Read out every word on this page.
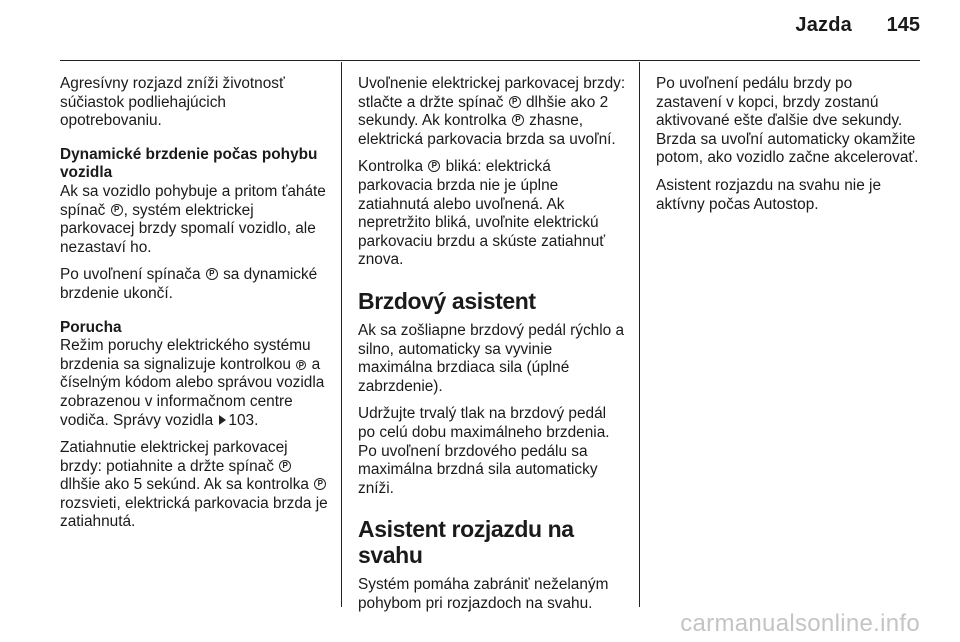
Jazda	145

Agresívny rozjazd zníži životnosť súčiastok podliehajúcich opotrebovaniu.

Dynamické brzdenie počas pohybu vozidla

Ak sa vozidlo pohybuje a pritom ťaháte spínač P , systém elektrickej parkovacej brzdy spomalí vozidlo, ale nezastaví ho.

Po uvoľnení spínača P sa dynamické brzdenie ukončí.

Porucha

Režim poruchy elektrického systému brzdenia sa signalizuje kontrolkou P a číselným kódom alebo správou vozidla zobrazenou v informačnom centre vodiča. Správy vozidla 103.

Zatiahnutie elektrickej parkovacej brzdy: potiahnite a držte spínač P dlhšie ako 5 sekúnd. Ak sa kontrolka P rozsvieti, elektrická parkovacia brzda je zatiahnutá.

Uvoľnenie elektrickej parkovacej brzdy: stlačte a držte spínač P dlhšie ako 2 sekundy. Ak kontrolka P zhasne, elektrická parkovacia brzda sa uvoľní.

Kontrolka P bliká: elektrická parkovacia brzda nie je úplne zatiahnutá alebo uvoľnená. Ak nepretržito bliká, uvoľnite elektrickú parkovaciu brzdu a skúste zatiahnuť znova.

Brzdový asistent

Ak sa zošliapne brzdový pedál rýchlo a silno, automaticky sa vyvinie maximálna brzdiaca sila (úplné zabrzdenie).

Udržujte trvalý tlak na brzdový pedál po celú dobu maximálneho brzdenia. Po uvoľnení brzdového pedálu sa maximálna brzdná sila automaticky zníži.

Asistent rozjazdu na svahu

Systém pomáha zabrániť neželaným pohybom pri rozjazdoch na svahu.

Po uvoľnení pedálu brzdy po zastavení v kopci, brzdy zostanú aktivované ešte ďalšie dve sekundy. Brzda sa uvoľní automaticky okamžite potom, ako vozidlo začne akcelerovať.

Asistent rozjazdu na svahu nie je aktívny počas Autostop.

carmanualsonline.info
